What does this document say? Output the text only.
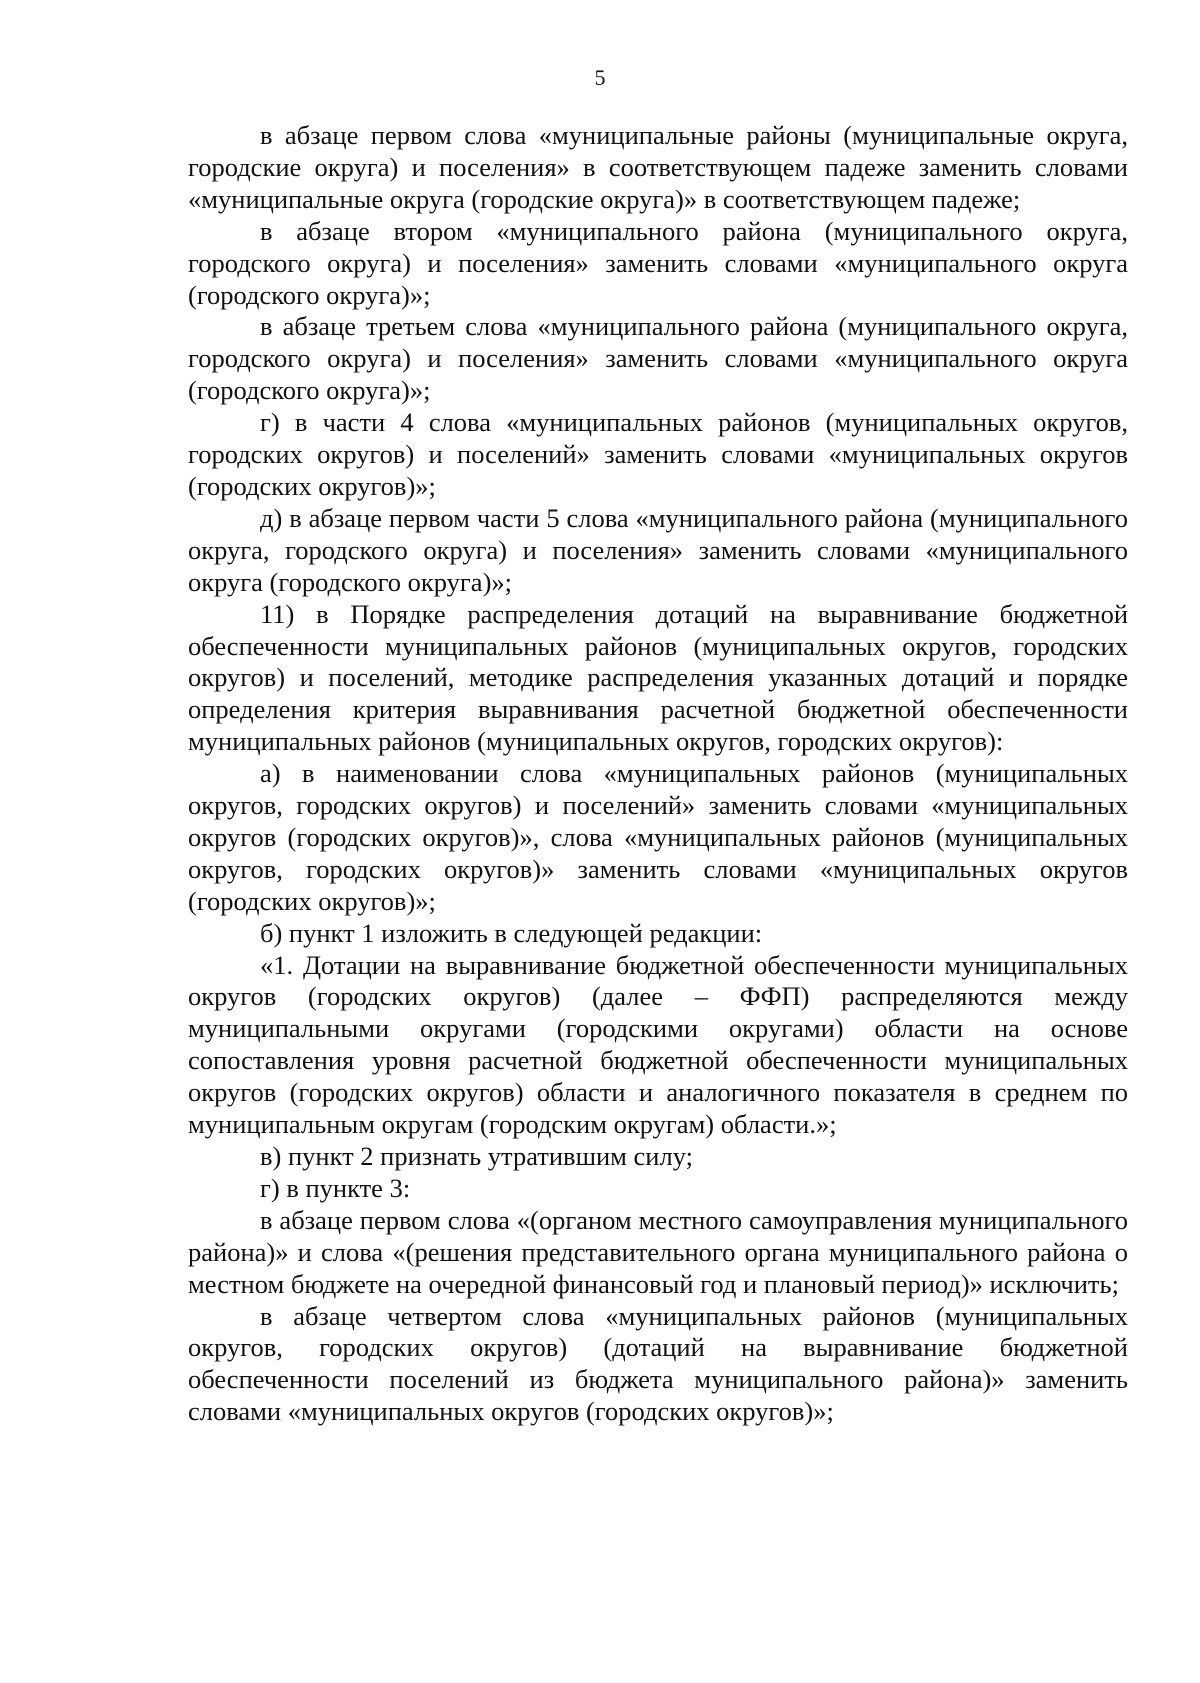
5

в абзаце первом слова «муниципальные районы (муниципальные округа, городские округа) и поселения» в соответствующем падеже заменить словами «муниципальные округа (городские округа)» в соответствующем падеже;

в абзаце втором «муниципального района (муниципального округа, городского округа) и поселения» заменить словами «муниципального округа (городского округа)»;

в абзаце третьем слова «муниципального района (муниципального округа, городского округа) и поселения» заменить словами «муниципального округа (городского округа)»;

г) в части 4 слова «муниципальных районов (муниципальных округов, городских округов) и поселений» заменить словами «муниципальных округов (городских округов)»;

д) в абзаце первом части 5 слова «муниципального района (муниципального округа, городского округа) и поселения» заменить словами «муниципального округа (городского округа)»;

11) в Порядке распределения дотаций на выравнивание бюджетной обеспеченности муниципальных районов (муниципальных округов, городских округов) и поселений, методике распределения указанных дотаций и порядке определения критерия выравнивания расчетной бюджетной обеспеченности муниципальных районов (муниципальных округов, городских округов):

а) в наименовании слова «муниципальных районов (муниципальных округов, городских округов) и поселений» заменить словами «муниципальных округов (городских округов)», слова «муниципальных районов (муниципальных округов, городских округов)» заменить словами «муниципальных округов (городских округов)»;

б) пункт 1 изложить в следующей редакции:

«1. Дотации на выравнивание бюджетной обеспеченности муниципальных округов (городских округов) (далее – ФФП) распределяются между муниципальными округами (городскими округами) области на основе сопоставления уровня расчетной бюджетной обеспеченности муниципальных округов (городских округов) области и аналогичного показателя в среднем по муниципальным округам (городским округам) области.»;

в) пункт 2 признать утратившим силу;

г) в пункте 3:

в абзаце первом слова «(органом местного самоуправления муниципального района)» и слова «(решения представительного органа муниципального района о местном бюджете на очередной финансовый год и плановый период)» исключить;

в абзаце четвертом слова «муниципальных районов (муниципальных округов, городских округов) (дотаций на выравнивание бюджетной обеспеченности поселений из бюджета муниципального района)» заменить словами «муниципальных округов (городских округов)»;
